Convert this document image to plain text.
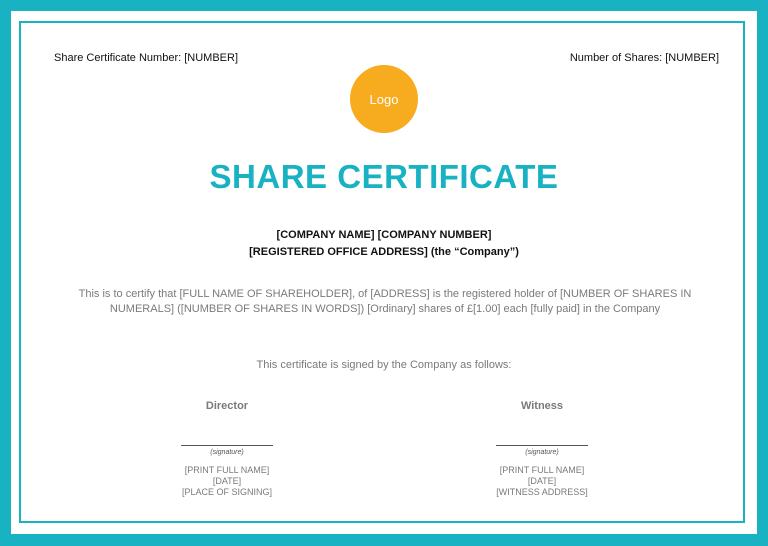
Share Certificate Number: [NUMBER]	Number of Shares: [NUMBER]
Logo
SHARE CERTIFICATE
[COMPANY NAME] [COMPANY NUMBER]
[REGISTERED OFFICE ADDRESS] (the “Company”)
This is to certify that [FULL NAME OF SHAREHOLDER], of [ADDRESS] is the registered holder of [NUMBER OF SHARES IN NUMERALS] ([NUMBER OF SHARES IN WORDS]) [Ordinary] shares of £[1.00] each [fully paid] in the Company
This certificate is signed by the Company as follows:
Director
(signature)
[PRINT FULL NAME]
[DATE]
[PLACE OF SIGNING]
Witness
(signature)
[PRINT FULL NAME]
[DATE]
[WITNESS ADDRESS]
